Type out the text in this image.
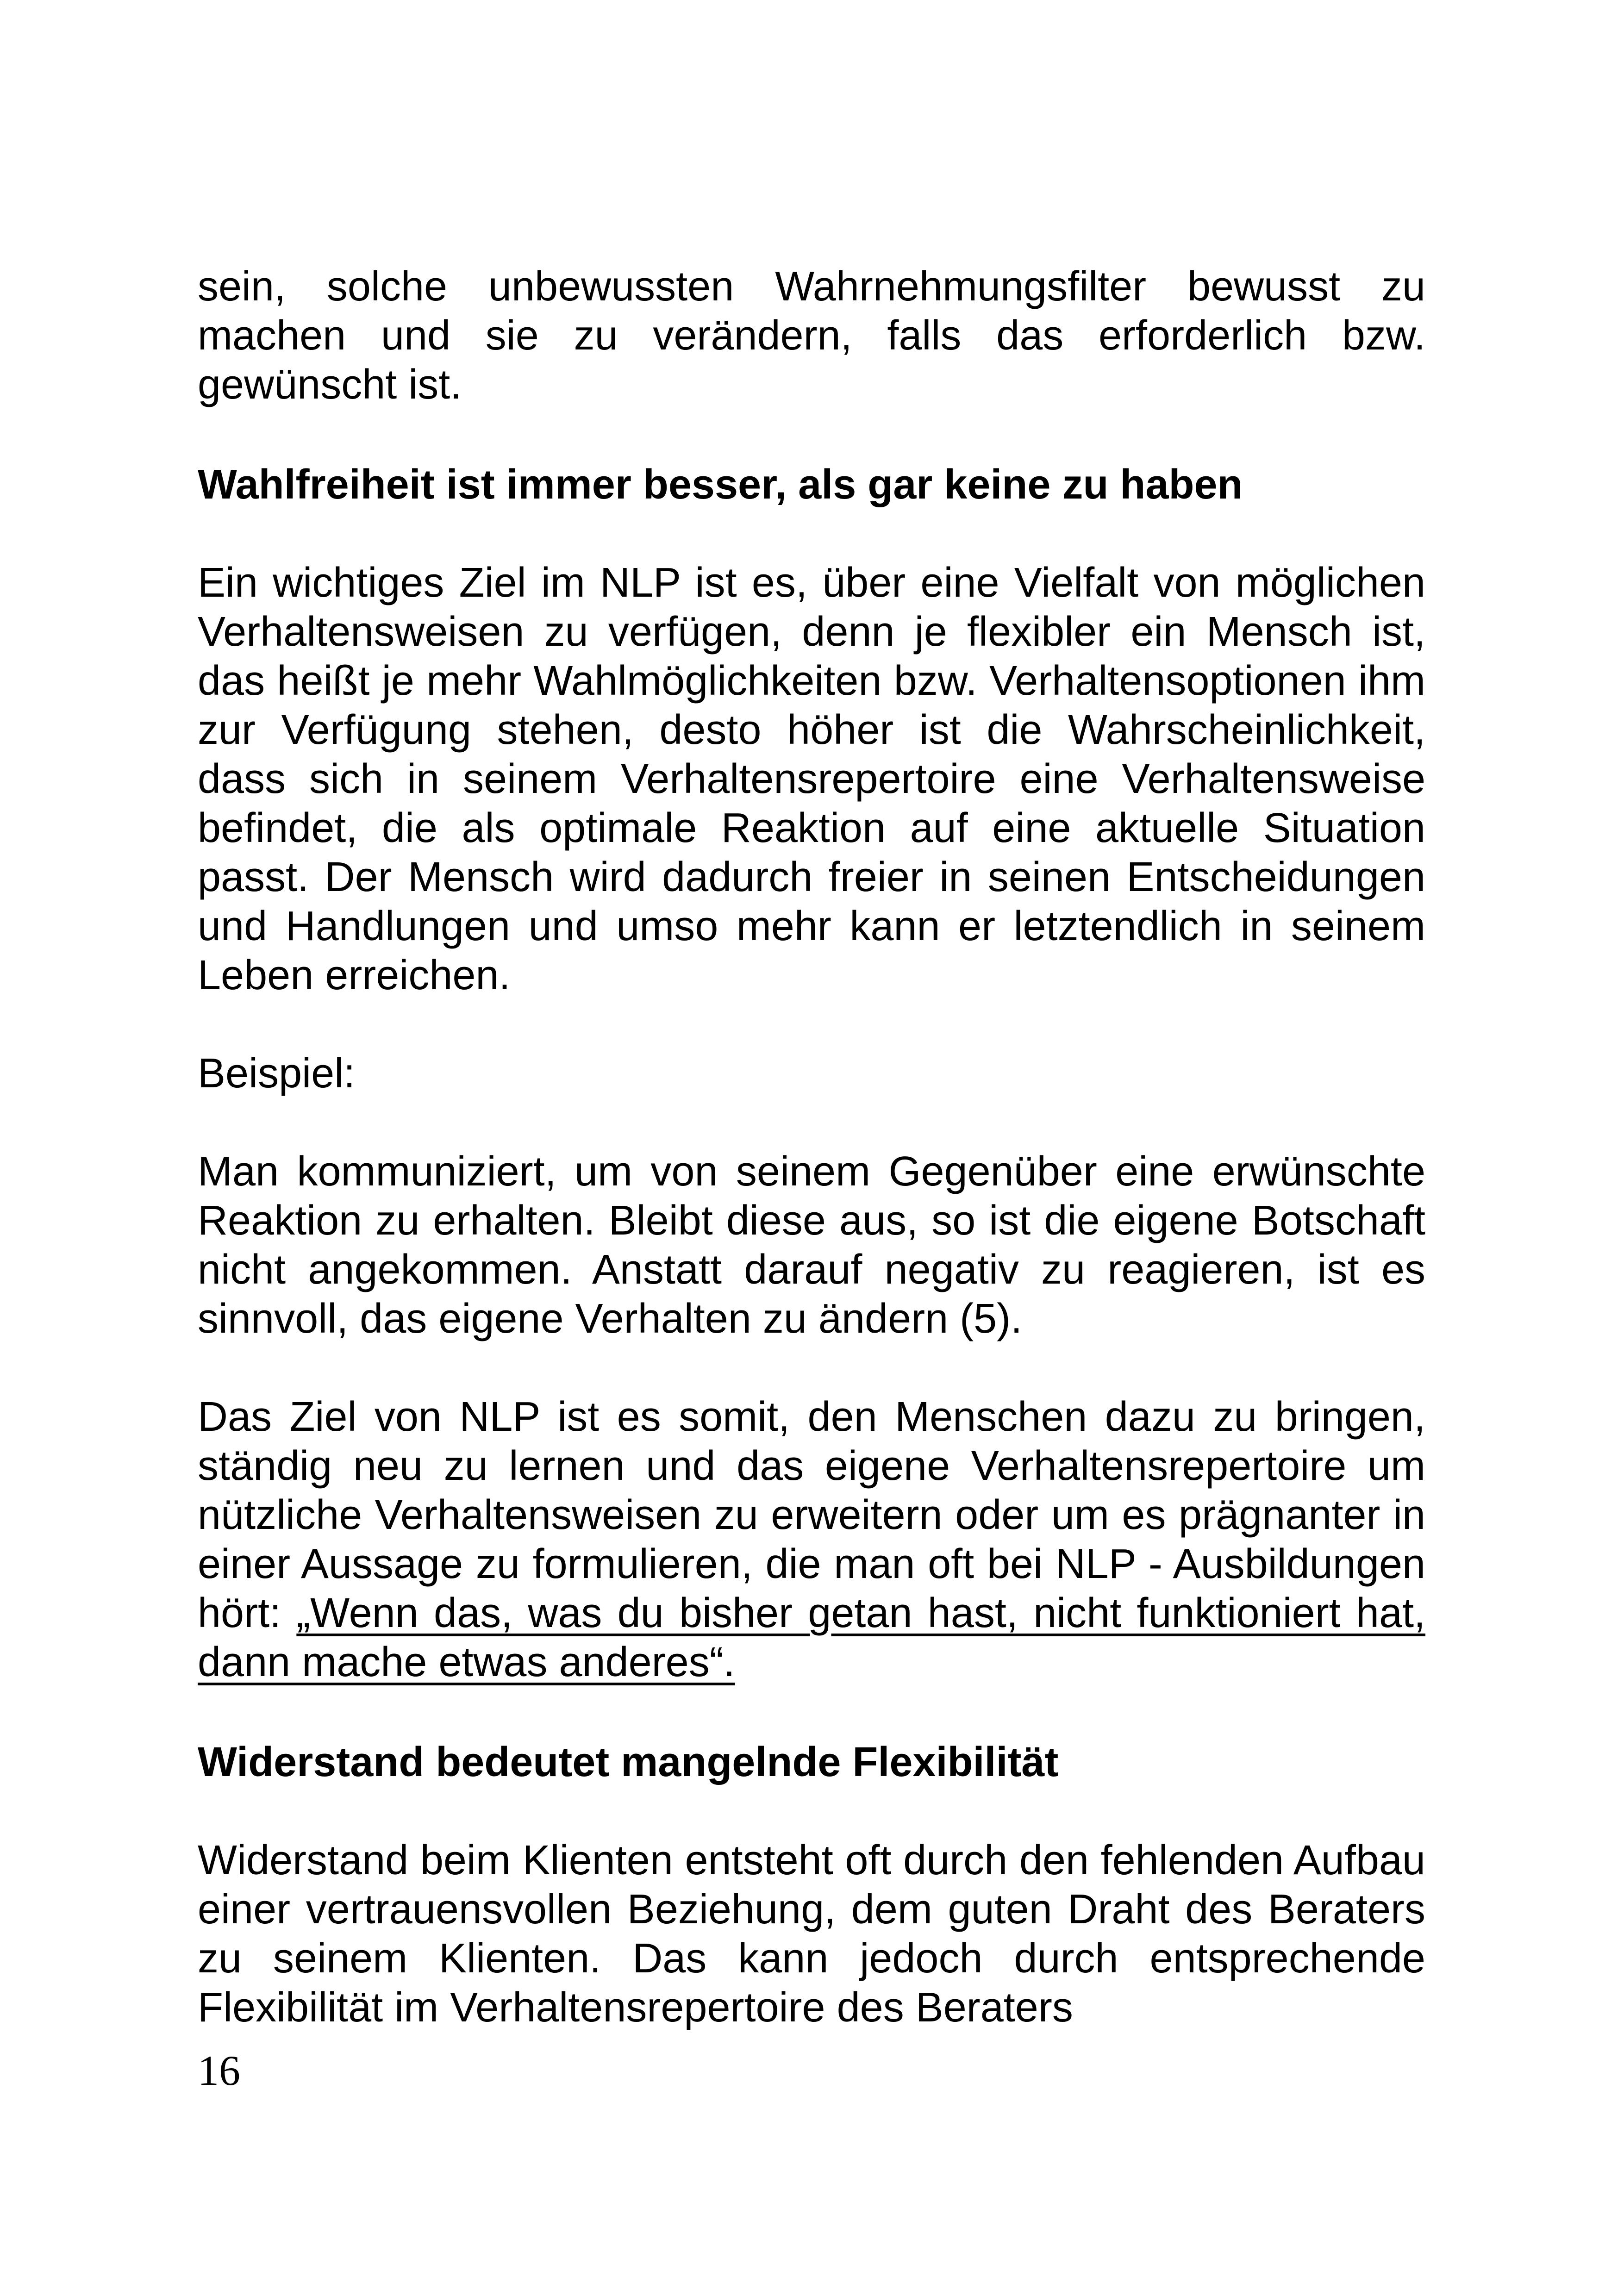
sein, solche unbewussten Wahrnehmungsfilter bewusst zu machen und sie zu verändern, falls das erforderlich bzw. gewünscht ist.

Wahlfreiheit ist immer besser, als gar keine zu haben

Ein wichtiges Ziel im NLP ist es, über eine Vielfalt von möglichen Verhaltensweisen zu verfügen, denn je flexibler ein Mensch ist, das heißt je mehr Wahlmöglichkeiten bzw. Verhaltensoptionen ihm zur Verfügung stehen, desto höher ist die Wahrscheinlichkeit, dass sich in seinem Verhaltensrepertoire eine Verhaltensweise befindet, die als optimale Reaktion auf eine aktuelle Situation passt. Der Mensch wird dadurch freier in seinen Entscheidungen und Handlungen und umso mehr kann er letztendlich in seinem Leben erreichen.

Beispiel:

Man kommuniziert, um von seinem Gegenüber eine erwünschte Reaktion zu erhalten. Bleibt diese aus, so ist die eigene Botschaft nicht angekommen. Anstatt darauf negativ zu reagieren, ist es sinnvoll, das eigene Verhalten zu ändern (5).

Das Ziel von NLP ist es somit, den Menschen dazu zu bringen, ständig neu zu lernen und das eigene Verhaltensrepertoire um nützliche Verhaltensweisen zu erweitern oder um es prägnanter in einer Aussage zu formulieren, die man oft bei NLP - Ausbildungen hört: „Wenn das, was du bisher getan hast, nicht funktioniert hat, dann mache etwas anderes“.

Widerstand bedeutet mangelnde Flexibilität

Widerstand beim Klienten entsteht oft durch den fehlenden Aufbau einer vertrauensvollen Beziehung, dem guten Draht des Beraters zu seinem Klienten. Das kann jedoch durch entsprechende Flexibilität im Verhaltensrepertoire des Beraters

16
